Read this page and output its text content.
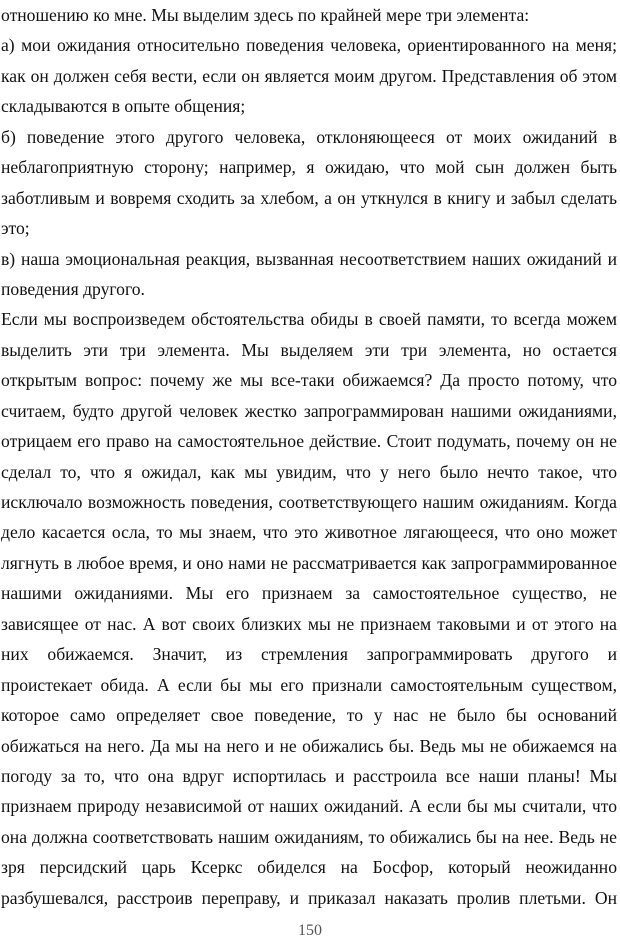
отношению ко мне. Мы выделим здесь по крайней мере три элемента:
а) мои ожидания относительно поведения человека, ориентированного на меня;
как он должен себя вести, если он является моим другом. Представления об этом
складываются в опыте общения;
б) поведение этого другого человека, отклоняющееся от моих ожиданий в
неблагоприятную сторону; например, я ожидаю, что мой сын должен быть
заботливым и вовремя сходить за хлебом, а он уткнулся в книгу и забыл сделать
это;
в) наша эмоциональная реакция, вызванная несоответствием наших ожиданий и
поведения другого.
Если мы воспроизведем обстоятельства обиды в своей памяти, то всегда можем
выделить эти три элемента. Мы выделяем эти три элемента, но остается
открытым вопрос: почему же мы все-таки обижаемся? Да просто потому, что
считаем, будто другой человек жестко запрограммирован нашими ожиданиями,
отрицаем его право на самостоятельное действие. Стоит подумать, почему он не
сделал то, что я ожидал, как мы увидим, что у него было нечто такое, что
исключало возможность поведения, соответствующего нашим ожиданиям. Когда
дело касается осла, то мы знаем, что это животное лягающееся, что оно может
лягнуть в любое время, и оно нами не рассматривается как запрограммированное
нашими ожиданиями. Мы его признаем за самостоятельное существо, не
зависящее от нас. А вот своих близких мы не признаем таковыми и от этого на
них обижаемся. Значит, из стремления запрограммировать другого и
проистекает обида. А если бы мы его признали самостоятельным существом,
которое само определяет свое поведение, то у нас не было бы оснований
обижаться на него. Да мы на него и не обижались бы. Ведь мы не обижаемся на
погоду за то, что она вдруг испортилась и расстроила все наши планы! Мы
признаем природу независимой от наших ожиданий. А если бы мы считали, что
она должна соответствовать нашим ожиданиям, то обижались бы на нее. Ведь не
зря персидский царь Ксеркс обиделся на Босфор, который неожиданно
разбушевался, расстроив переправу, и приказал наказать пролив плетьми. Он
150
